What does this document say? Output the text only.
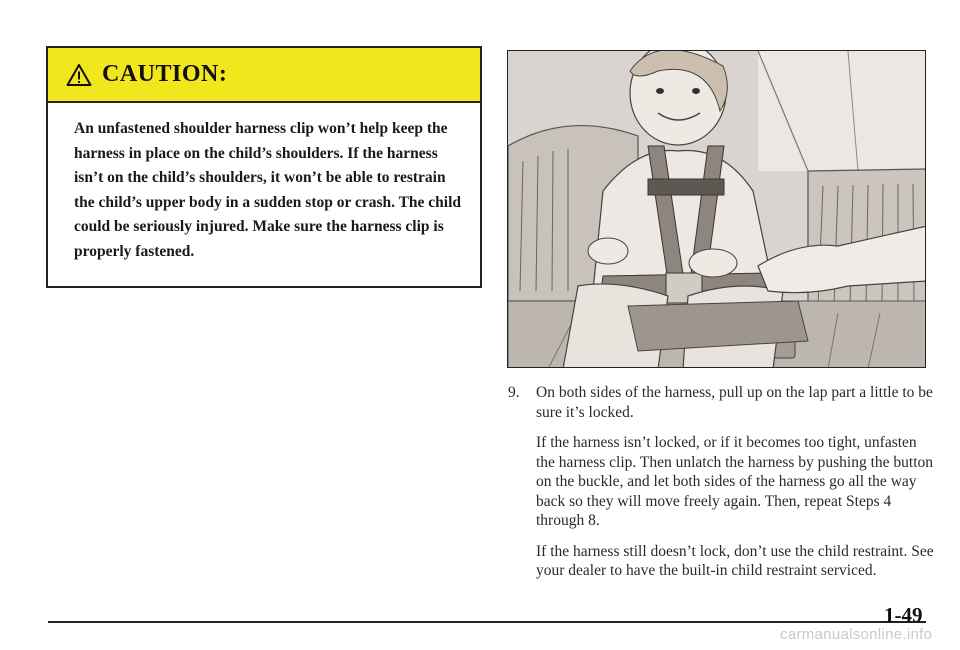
CAUTION:
An unfastened shoulder harness clip won’t help keep the harness in place on the child’s shoulders. If the harness isn’t on the child’s shoulders, it won’t be able to restrain the child’s upper body in a sudden stop or crash. The child could be seriously injured. Make sure the harness clip is properly fastened.
9.	On both sides of the harness, pull up on the lap part a little to be sure it’s locked.
If the harness isn’t locked, or if it becomes too tight, unfasten the harness clip. Then unlatch the harness by pushing the button on the buckle, and let both sides of the harness go all the way back so they will move freely again. Then, repeat Steps 4 through 8.
If the harness still doesn’t lock, don’t use the child restraint. See your dealer to have the built-in child restraint serviced.
1-49
carmanualsonline.info
